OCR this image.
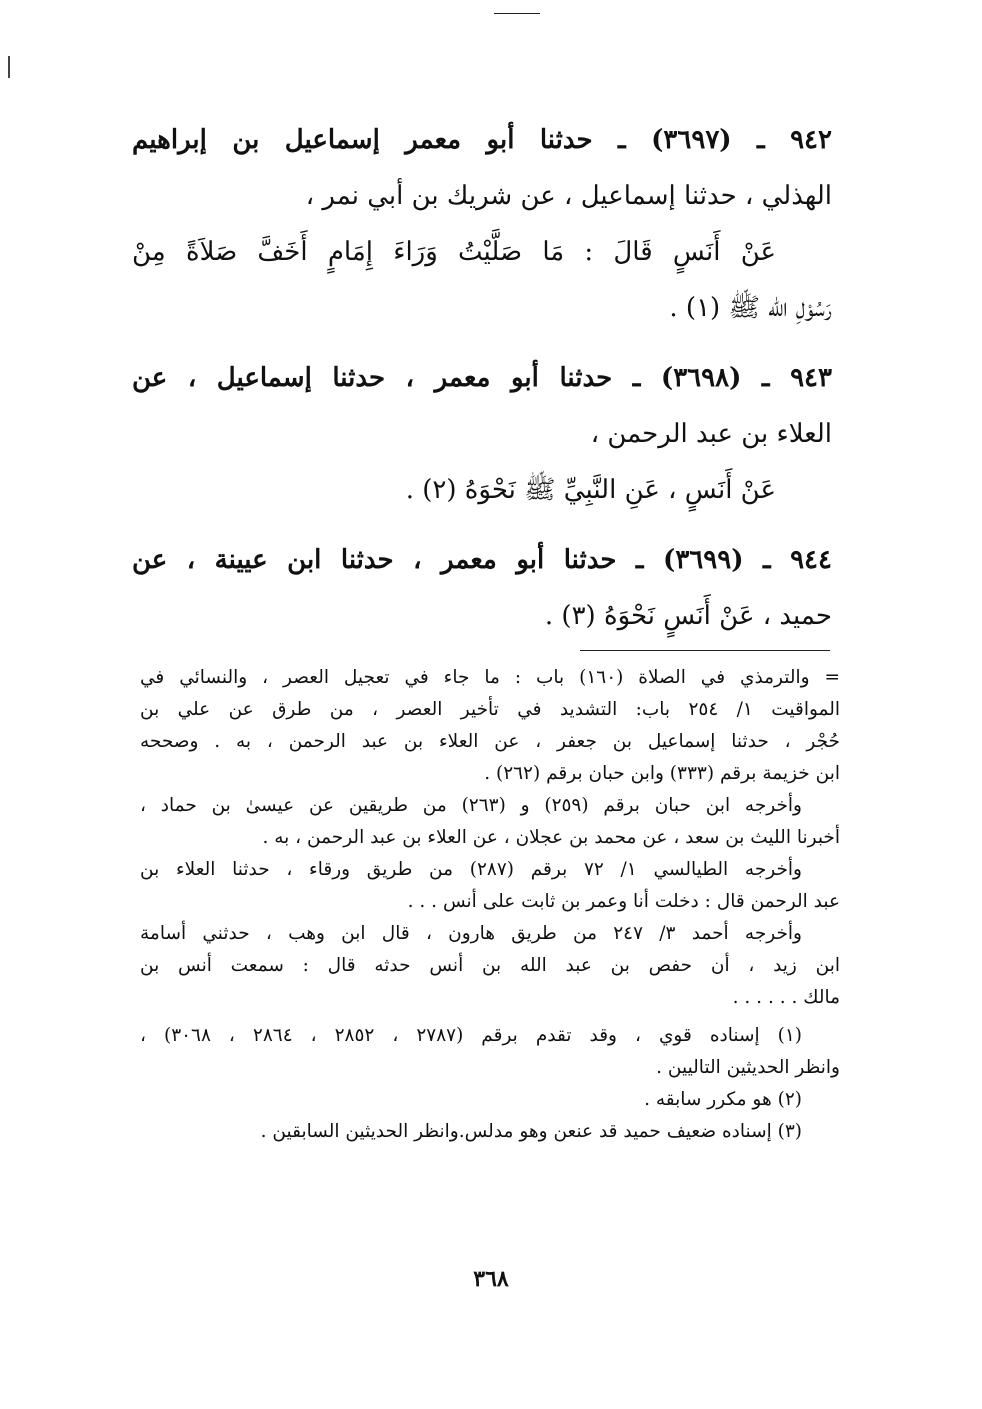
٩٤٢ ـ (٣٦٩٧) ـ حدثنا أبو معمر إسماعيل بن إبراهيم
الهذلي ، حدثنا إسماعيل ، عن شريك بن أبي نمر ،
عَنْ أَنَسٍ قَالَ : مَا صَلَّيْتُ وَرَاءَ إِمَامٍ أَخَفَّ صَلاَةً مِنْ
رَسُوْلِ الله ﷺ (١) .
٩٤٣ ـ (٣٦٩٨) ـ حدثنا أبو معمر ، حدثنا إسماعيل ، عن
العلاء بن عبد الرحمن ،
عَنْ أَنَسٍ ، عَنِ النَّبِيِّ ﷺ نَحْوَهُ (٢) .
٩٤٤ ـ (٣٦٩٩) ـ حدثنا أبو معمر ، حدثنا ابن عيينة ، عن
حميد ، عَنْ أَنَسٍ نَحْوَهُ (٣) .
= والترمذي في الصلاة (١٦٠) باب : ما جاء في تعجيل العصر ، والنسائي في
المواقيت ١/ ٢٥٤ باب: التشديد في تأخير العصر ، من طرق عن علي بن
حُجْر ، حدثنا إسماعيل بن جعفر ، عن العلاء بن عبد الرحمن ، به . وصححه
ابن خزيمة برقم (٣٣٣) وابن حبان برقم (٢٦٢) .
وأخرجه ابن حبان برقم (٢٥٩) و (٢٦٣) من طريقين عن عيسىٰ بن حماد ،
أخبرنا الليث بن سعد ، عن محمد بن عجلان ، عن العلاء بن عبد الرحمن ، به .
وأخرجه الطيالسي ١/ ٧٢ برقم (٢٨٧) من طريق ورقاء ، حدثنا العلاء بن
عبد الرحمن قال : دخلت أنا وعمر بن ثابت على أنس . . .
وأخرجه أحمد ٣/ ٢٤٧ من طريق هارون ، قال ابن وهب ، حدثني أسامة
ابن زيد ، أن حفص بن عبد الله بن أنس حدثه قال : سمعت أنس بن
مالك . . . . . .
(١) إسناده قوي ، وقد تقدم برقم (٢٧٨٧ ، ٢٨٥٢ ، ٢٨٦٤ ، ٣٠٦٨) ،
وانظر الحديثين التاليين .
(٢) هو مكرر سابقه .
(٣) إسناده ضعيف حميد قد عنعن وهو مدلس.وانظر الحديثين السابقين .
٣٦٨
